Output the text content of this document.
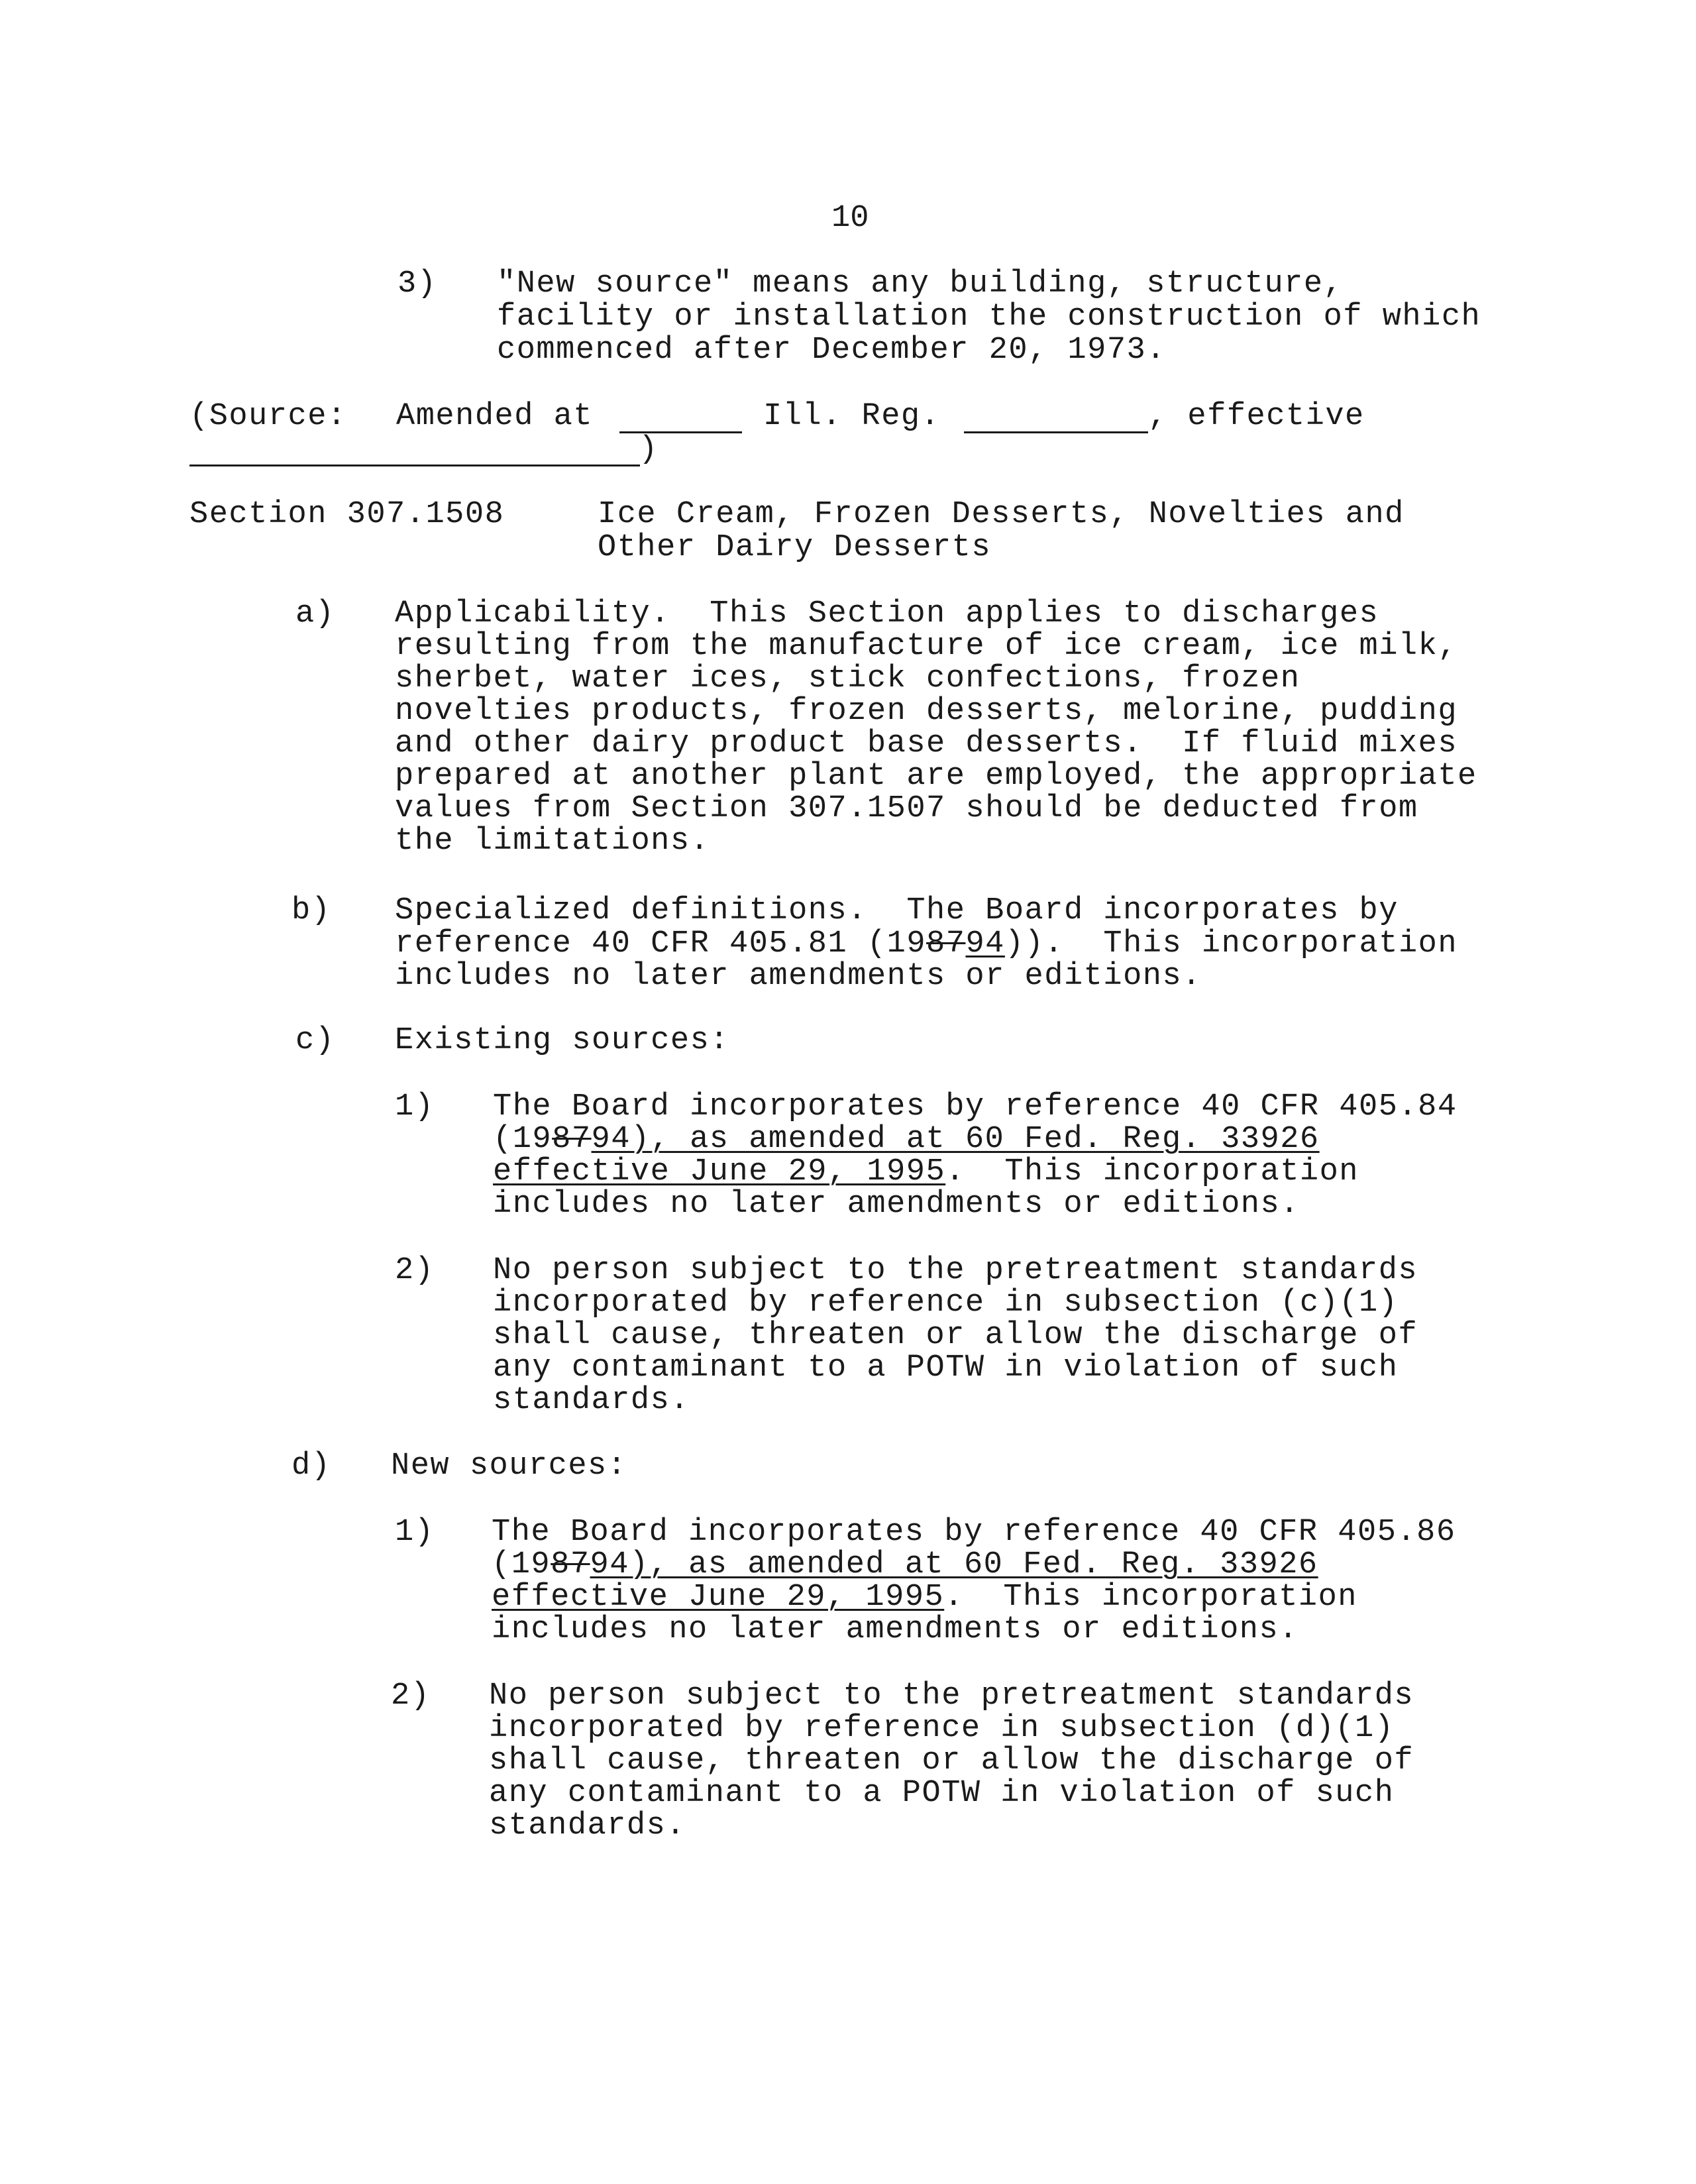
10
3) "New source" means any building, structure,
facility or installation the construction of which
commenced after December 20, 1973.
(Source: Amended at	Ill. Reg.	, effective
)
Section 307.1508	Ice Cream, Frozen Desserts, Novelties and
Other Dairy Desserts
a) Applicability.  This Section applies to discharges
resulting from the manufacture of ice cream, ice milk,
sherbet, water ices, stick confections, frozen
novelties products, frozen desserts, melorine, pudding
and other dairy product base desserts.  If fluid mixes
prepared at another plant are employed, the appropriate
values from Section 307.1507 should be deducted from
the limitations.
b) Specialized definitions.  The Board incorporates by
reference 40 CFR 405.81 (198794)).  This incorporation
includes no later amendments or editions.
c) Existing sources:
1) The Board incorporates by reference 40 CFR 405.84
(198794), as amended at 60 Fed. Reg. 33926
effective June 29, 1995.  This incorporation
includes no later amendments or editions.
2) No person subject to the pretreatment standards
incorporated by reference in subsection (c)(1)
shall cause, threaten or allow the discharge of
any contaminant to a POTW in violation of such
standards.
d) New sources:
1) The Board incorporates by reference 40 CFR 405.86
(198794), as amended at 60 Fed. Reg. 33926
effective June 29, 1995.  This incorporation
includes no later amendments or editions.
2) No person subject to the pretreatment standards
incorporated by reference in subsection (d)(1)
shall cause, threaten or allow the discharge of
any contaminant to a POTW in violation of such
standards.
